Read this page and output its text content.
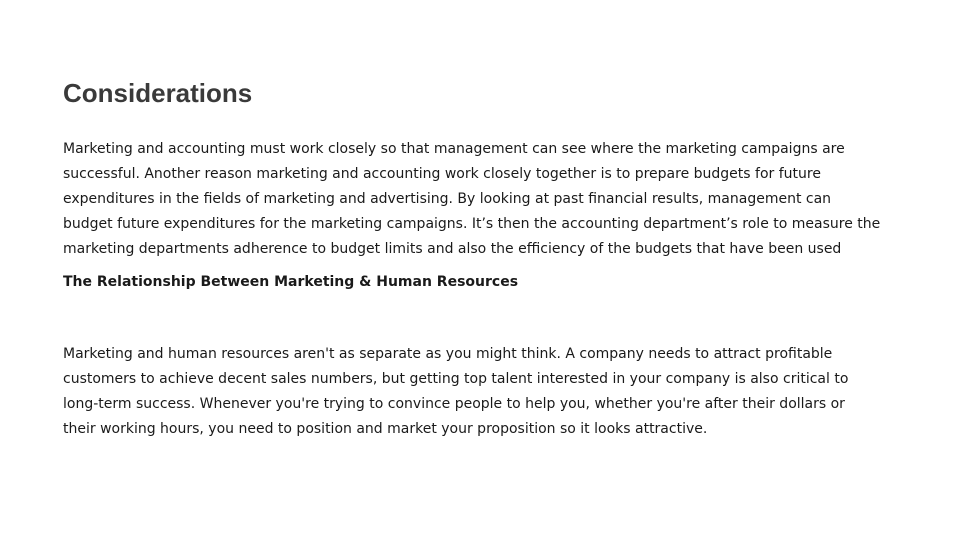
Considerations

Marketing and accounting must work closely so that management can see where the marketing campaigns are successful. Another reason marketing and accounting work closely together is to prepare budgets for future expenditures in the fields of marketing and advertising. By looking at past financial results, management can budget future expenditures for the marketing campaigns. It’s then the accounting department’s role to measure the marketing departments adherence to budget limits and also the efficiency of the budgets that have been used

The Relationship Between Marketing & Human Resources

Marketing and human resources aren't as separate as you might think. A company needs to attract profitable customers to achieve decent sales numbers, but getting top talent interested in your company is also critical to long-term success. Whenever you're trying to convince people to help you, whether you're after their dollars or their working hours, you need to position and market your proposition so it looks attractive.
